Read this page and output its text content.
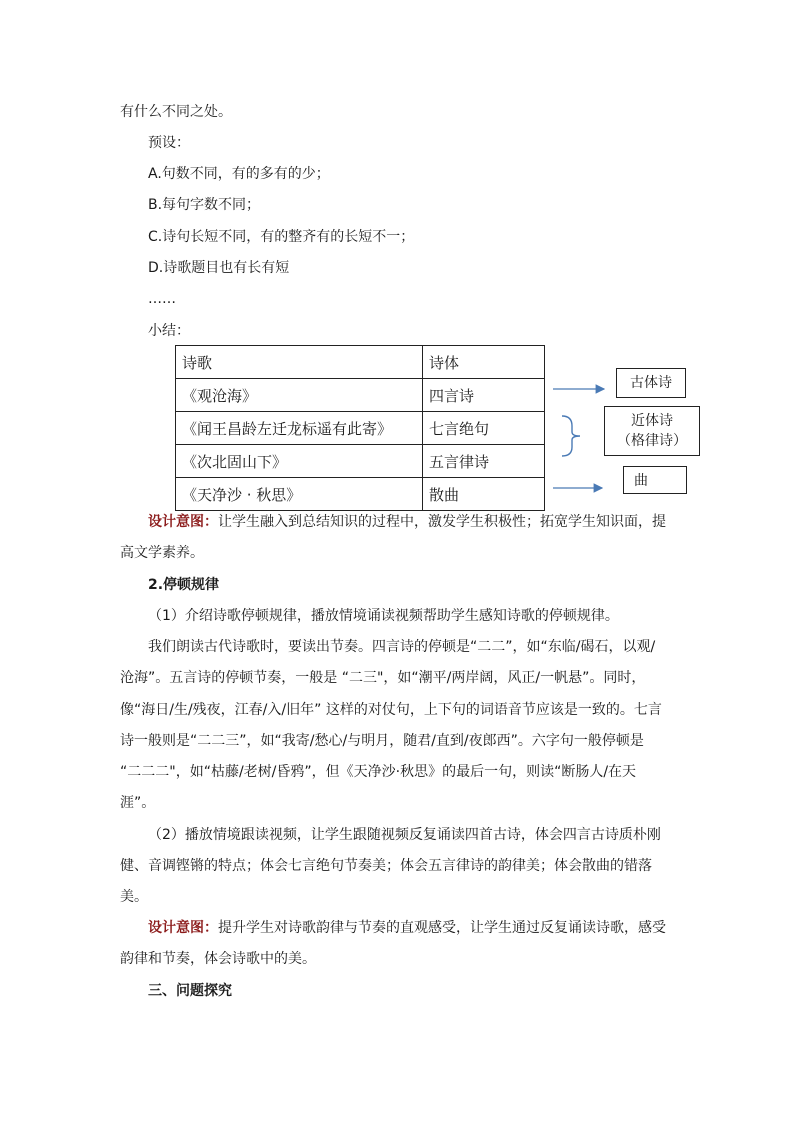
有什么不同之处。
预设：
A.句数不同，有的多有的少；
B.每句字数不同；
C.诗句长短不同，有的整齐有的长短不一；
D.诗歌题目也有长有短
……
小结：
诗歌	诗体
《观沧海》	四言诗
《闻王昌龄左迁龙标遥有此寄》	七言绝句
《次北固山下》	五言律诗
《天净沙 · 秋思》	散曲
古体诗
近体诗
（格律诗）
曲
设计意图：让学生融入到总结知识的过程中，激发学生积极性；拓宽学生知识面，提
高文学素养。
2.停顿规律
（1）介绍诗歌停顿规律，播放情境诵读视频帮助学生感知诗歌的停顿规律。
我们朗读古代诗歌时，要读出节奏。四言诗的停顿是“二二”，如“东临/碣石，以观/
沧海”。五言诗的停顿节奏，一般是 “二三"，如“潮平/两岸阔，风正/一帆悬”。同时，
像“海日/生/残夜，江春/入/旧年” 这样的对仗句，上下句的词语音节应该是一致的。七言
诗一般则是“二二三”，如“我寄/愁心/与明月，随君/直到/夜郎西”。六字句一般停顿是
“二二二"，如“枯藤/老树/昏鸦”，但《天净沙·秋思》的最后一句，则读“断肠人/在天
涯”。
（2）播放情境跟读视频，让学生跟随视频反复诵读四首古诗，体会四言古诗质朴刚
健、音调铿锵的特点；体会七言绝句节奏美；体会五言律诗的韵律美；体会散曲的错落
美。
设计意图：提升学生对诗歌韵律与节奏的直观感受，让学生通过反复诵读诗歌，感受
韵律和节奏，体会诗歌中的美。
三、问题探究
